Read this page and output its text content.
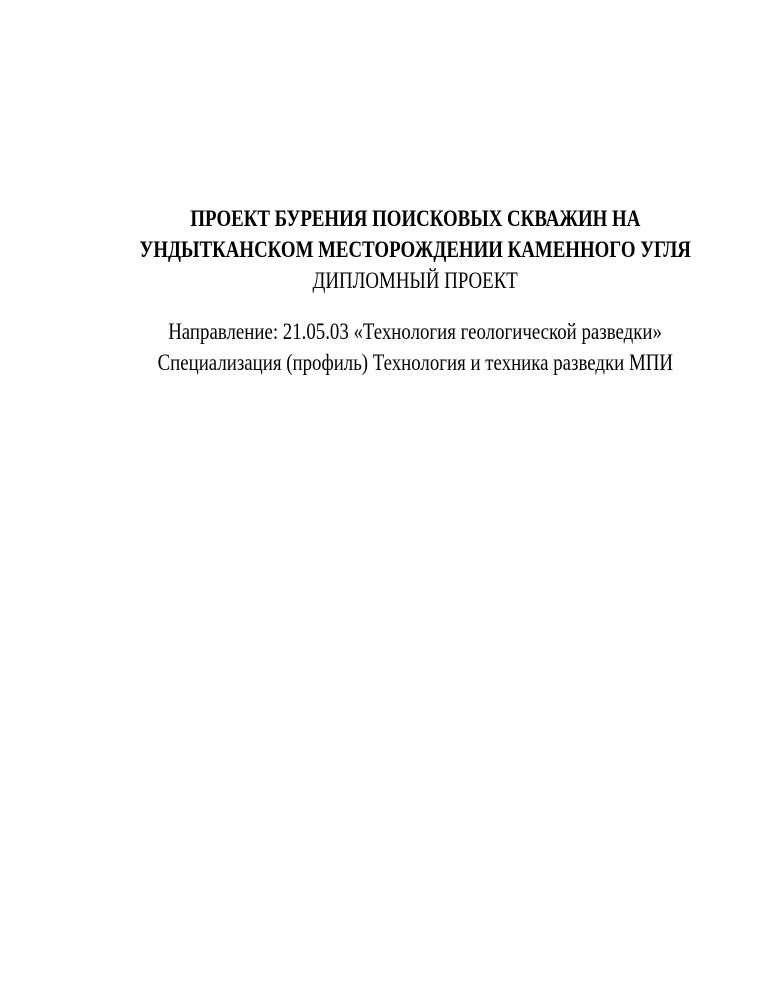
ПРОЕКТ БУРЕНИЯ ПОИСКОВЫХ СКВАЖИН НА
УНДЫТКАНСКОМ МЕСТОРОЖДЕНИИ КАМЕННОГО УГЛЯ
ДИПЛОМНЫЙ ПРОЕКТ
Направление: 21.05.03 «Технология геологической разведки»
Специализация (профиль) Технология и техника разведки МПИ
